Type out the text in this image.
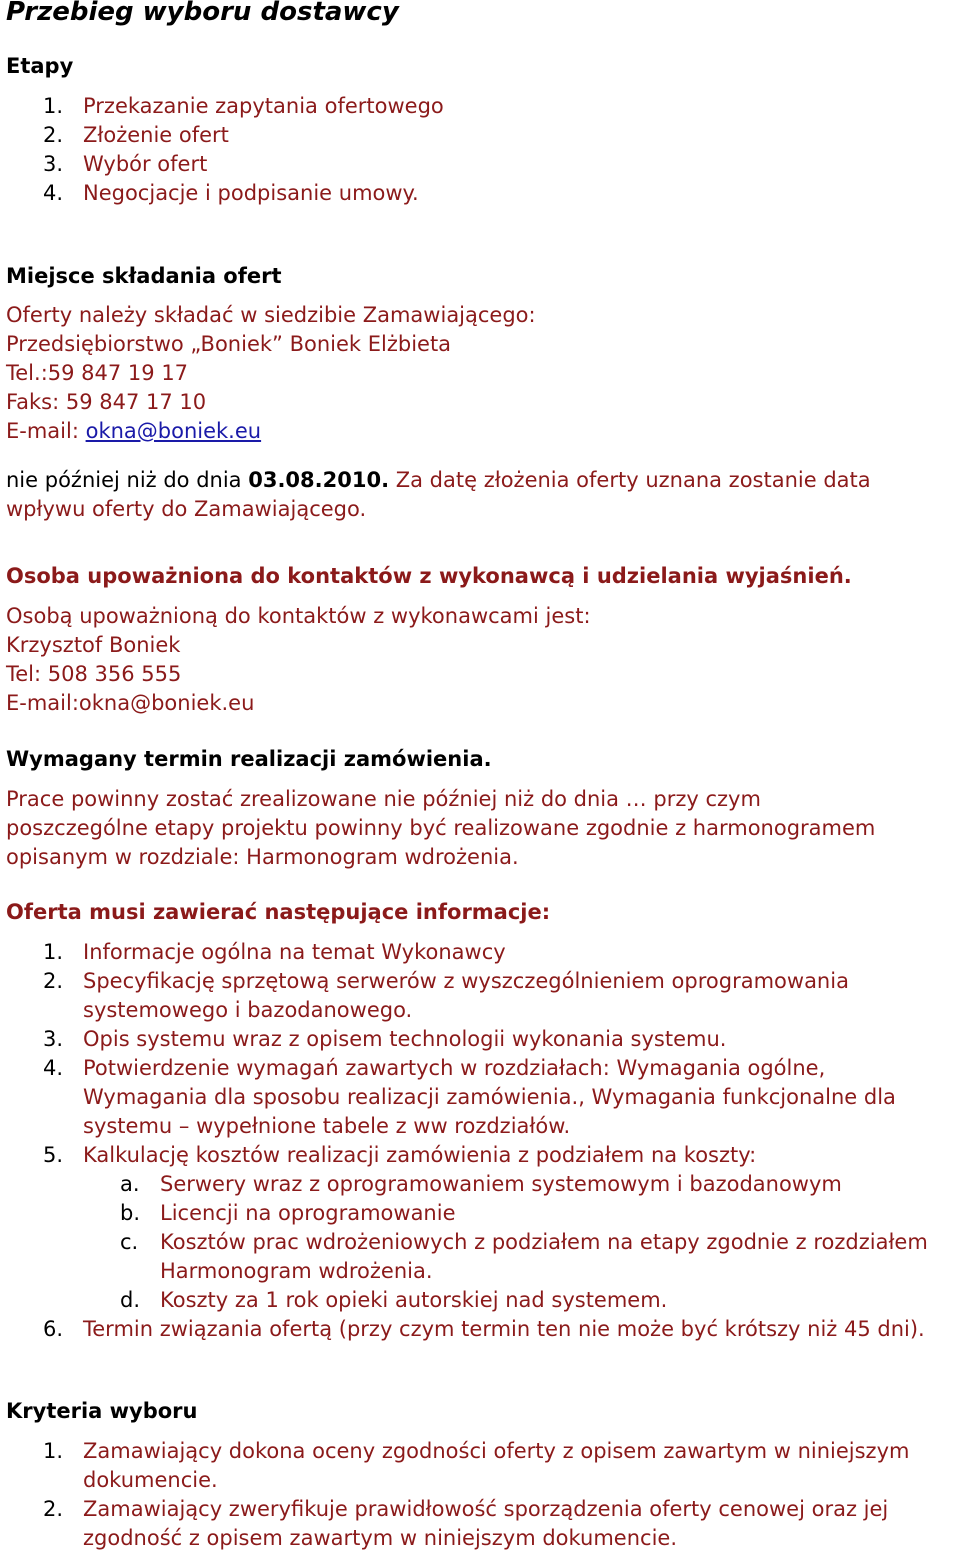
Przebieg wyboru dostawcy

Etapy

1. Przekazanie zapytania ofertowego
2. Złożenie ofert
3. Wybór ofert
4. Negocjacje i podpisanie umowy.

Miejsce składania ofert

Oferty należy składać w siedzibie Zamawiającego:
Przedsiębiorstwo „Boniek” Boniek Elżbieta
Tel.:59 847 19 17
Faks: 59 847 17 10
E-mail: okna@boniek.eu
nie później niż do dnia 03.08.2010. Za datę złożenia oferty uznana zostanie data wpływu oferty do Zamawiającego.

Osoba upoważniona do kontaktów z wykonawcą i udzielania wyjaśnień.

Osobą upoważnioną do kontaktów z wykonawcami jest:
Krzysztof Boniek
Tel: 508 356 555
E-mail:okna@boniek.eu

Wymagany termin realizacji zamówienia.

Prace powinny zostać zrealizowane nie później niż do dnia … przy czym poszczególne etapy projektu powinny być realizowane zgodnie z harmonogramem opisanym w rozdziale: Harmonogram wdrożenia.

Oferta musi zawierać następujące informacje:

1. Informacje ogólna na temat Wykonawcy
2. Specyfikację sprzętową serwerów z wyszczególnieniem oprogramowania systemowego i bazodanowego.
3. Opis systemu wraz z opisem technologii wykonania systemu.
4. Potwierdzenie wymagań zawartych w rozdziałach: Wymagania ogólne, Wymagania dla sposobu realizacji zamówienia., Wymagania funkcjonalne dla systemu – wypełnione tabele z ww rozdziałów.
5. Kalkulację kosztów realizacji zamówienia z podziałem na koszty:
a. Serwery wraz z oprogramowaniem systemowym i bazodanowym
b. Licencji na oprogramowanie
c. Kosztów prac wdrożeniowych z podziałem na etapy zgodnie z rozdziałem Harmonogram wdrożenia.
d. Koszty za 1 rok opieki autorskiej nad systemem.
6. Termin związania ofertą (przy czym termin ten nie może być krótszy niż 45 dni).

Kryteria wyboru

1. Zamawiający dokona oceny zgodności oferty z opisem zawartym w niniejszym dokumencie.
2. Zamawiający zweryfikuje prawidłowość sporządzenia oferty cenowej oraz jej zgodność z opisem zawartym w niniejszym dokumencie.
